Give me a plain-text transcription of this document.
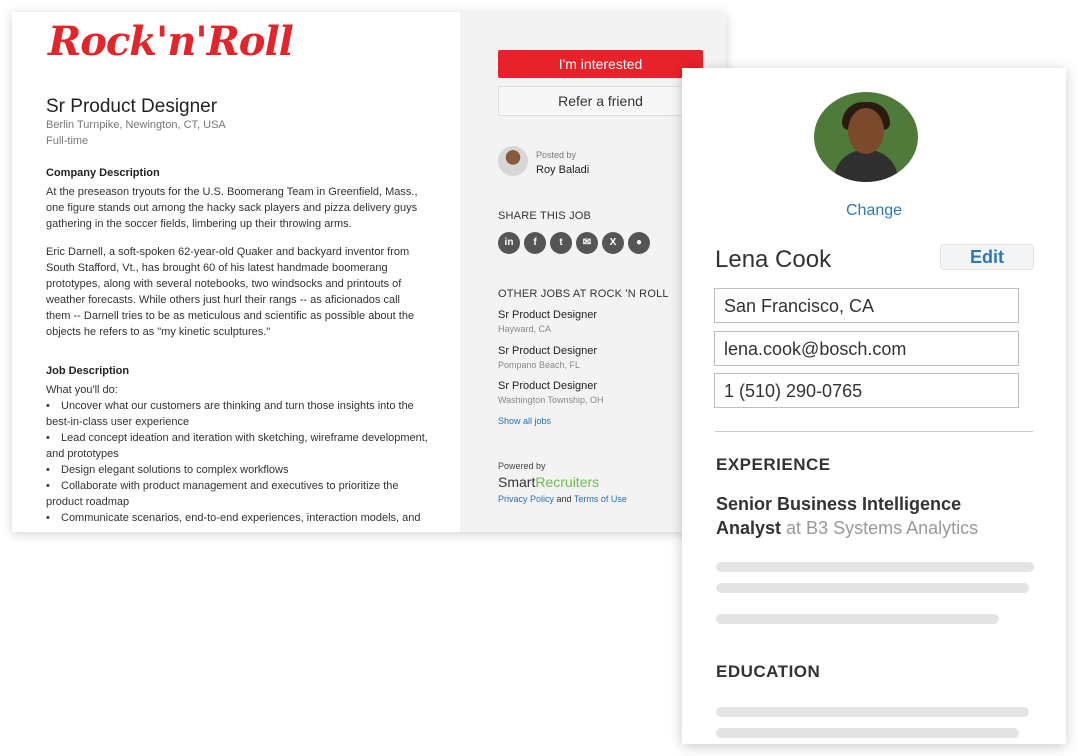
Rock'n'Roll
Sr Product Designer
Berlin Turnpike, Newington, CT, USA
Full-time
Company Description
At the preseason tryouts for the U.S. Boomerang Team in Greenfield, Mass., one figure stands out among the hacky sack players and pizza delivery guys gathering in the soccer fields, limbering up their throwing arms.
Eric Darnell, a soft-spoken 62-year-old Quaker and backyard inventor from South Stafford, Vt., has brought 60 of his latest handmade boomerang prototypes, along with several notebooks, two windsocks and printouts of weather forecasts. While others just hurl their rangs -- as aficionados call them -- Darnell tries to be as meticulous and scientific as possible about the objects he refers to as "my kinetic sculptures."
Job Description
What you'll do:
• Uncover what our customers are thinking and turn those insights into the best-in-class user experience
• Lead concept ideation and iteration with sketching, wireframe development, and prototypes
• Design elegant solutions to complex workflows
• Collaborate with product management and executives to prioritize the product roadmap
• Communicate scenarios, end-to-end experiences, interaction models, and
I'm interested
Refer a friend
Posted by
Roy Baladi
SHARE THIS JOB
in	f	t	✉	X	●
OTHER JOBS AT ROCK 'N ROLL
Sr Product Designer
Hayward, CA
Sr Product Designer
Pompano Beach, FL
Sr Product Designer
Washington Township, OH
Show all jobs
Powered by
SmartRecruiters
Privacy Policy and Terms of Use
Change
Lena Cook	Edit
San Francisco, CA
lena.cook@bosch.com
1 (510) 290-0765
EXPERIENCE
Senior Business Intelligence
Analyst at B3 Systems Analytics
EDUCATION
